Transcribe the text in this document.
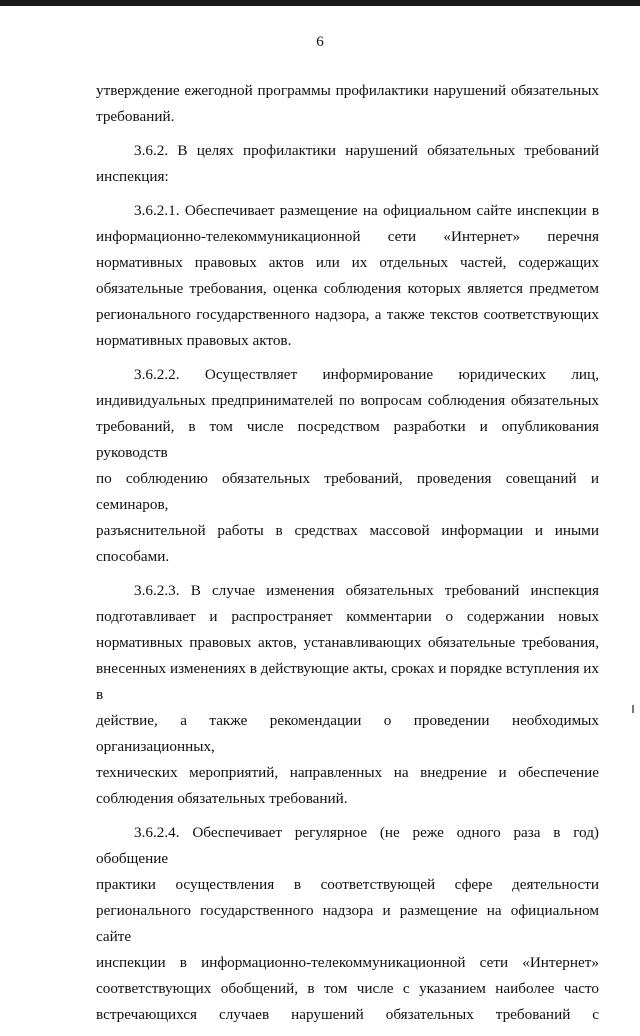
6
утверждение ежегодной программы профилактики нарушений обязательных
требований.
3.6.2. В целях профилактики нарушений обязательных требований
инспекция:
3.6.2.1. Обеспечивает размещение на официальном сайте инспекции в
информационно-телекоммуникационной сети «Интернет» перечня
нормативных правовых актов или их отдельных частей, содержащих
обязательные требования, оценка соблюдения которых является предметом
регионального государственного надзора, а также текстов соответствующих
нормативных правовых актов.
3.6.2.2. Осуществляет информирование юридических лиц,
индивидуальных предпринимателей по вопросам соблюдения обязательных
требований, в том числе посредством разработки и опубликования руководств
по соблюдению обязательных требований, проведения совещаний и семинаров,
разъяснительной работы в средствах массовой информации и иными
способами.
3.6.2.3. В случае изменения обязательных требований инспекция
подготавливает и распространяет комментарии о содержании новых
нормативных правовых актов, устанавливающих обязательные требования,
внесенных изменениях в действующие акты, сроках и порядке вступления их в
действие, а также рекомендации о проведении необходимых организационных,
технических мероприятий, направленных на внедрение и обеспечение
соблюдения обязательных требований.
3.6.2.4. Обеспечивает регулярное (не реже одного раза в год) обобщение
практики осуществления в соответствующей сфере деятельности
регионального государственного надзора и размещение на официальном сайте
инспекции в информационно-телекоммуникационной сети «Интернет»
соответствующих обобщений, в том числе с указанием наиболее часто
встречающихся случаев нарушений обязательных требований с
